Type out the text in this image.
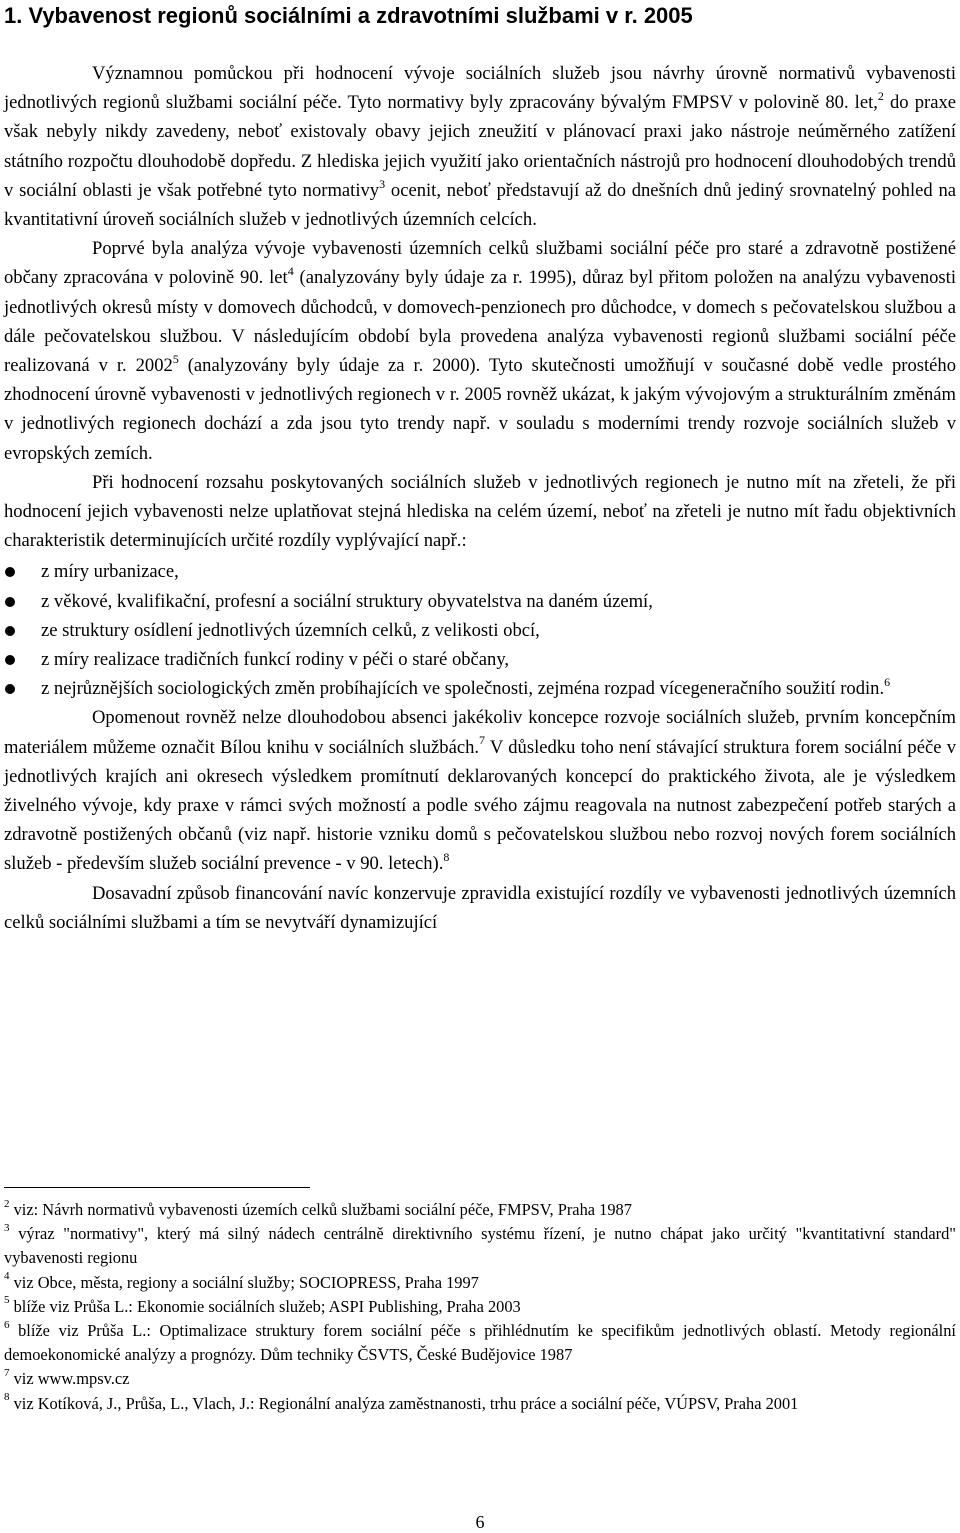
1. Vybavenost regionů sociálními a zdravotními službami v r. 2005

Významnou pomůckou při hodnocení vývoje sociálních služeb jsou návrhy úrovně normativů vybavenosti jednotlivých regionů službami sociální péče. Tyto normativy byly zpracovány bývalým FMPSV v polovině 80. let,$^2$ do praxe však nebyly nikdy zavedeny, neboť existovaly obavy jejich zneužití v plánovací praxi jako nástroje neúměrného zatížení státního rozpočtu dlouhodobě dopředu. Z hlediska jejich využití jako orientačních nástrojů pro hodnocení dlouhodobých trendů v sociální oblasti je však potřebné tyto normativy$^3$ ocenit, neboť představují až do dnešních dnů jediný srovnatelný pohled na kvantitativní úroveň sociálních služeb v jednotlivých územních celcích.

Poprvé byla analýza vývoje vybavenosti územních celků službami sociální péče pro staré a zdravotně postižené občany zpracována v polovině 90. let$^4$ (analyzovány byly údaje za r. 1995), důraz byl přitom položen na analýzu vybavenosti jednotlivých okresů místy v domovech důchodců, v domovech-penzionech pro důchodce, v domech s pečovatelskou službou a dále pečovatelskou službou. V následujícím období byla provedena analýza vybavenosti regionů službami sociální péče realizovaná v r. 2002$^5$ (analyzovány byly údaje za r. 2000). Tyto skutečnosti umožňují v současné době vedle prostého zhodnocení úrovně vybavenosti v jednotlivých regionech v r. 2005 rovněž ukázat, k jakým vývojovým a strukturálním změnám v jednotlivých regionech dochází a zda jsou tyto trendy např. v souladu s moderními trendy rozvoje sociálních služeb v evropských zemích.

Při hodnocení rozsahu poskytovaných sociálních služeb v jednotlivých regionech je nutno mít na zřeteli, že při hodnocení jejich vybavenosti nelze uplatňovat stejná hlediska na celém území, neboť na zřeteli je nutno mít řadu objektivních charakteristik determinujících určité rozdíly vyplývající např.:

z míry urbanizace,
z věkové, kvalifikační, profesní a sociální struktury obyvatelstva na daném území,
ze struktury osídlení jednotlivých územních celků, z velikosti obcí,
z míry realizace tradičních funkcí rodiny v péči o staré občany,
z nejrůznějších sociologických změn probíhajících ve společnosti, zejména rozpad vícegeneračního soužití rodin.$^6$

Opomenout rovněž nelze dlouhodobou absenci jakékoliv koncepce rozvoje sociálních služeb, prvním koncepčním materiálem můžeme označit Bílou knihu v sociálních službách.$^7$ V důsledku toho není stávající struktura forem sociální péče v jednotlivých krajích ani okresech výsledkem promítnutí deklarovaných koncepcí do praktického života, ale je výsledkem živelného vývoje, kdy praxe v rámci svých možností a podle svého zájmu reagovala na nutnost zabezpečení potřeb starých a zdravotně postižených občanů (viz např. historie vzniku domů s pečovatelskou službou nebo rozvoj nových forem sociálních služeb - především služeb sociální prevence - v 90. letech).$^8$

Dosavadní způsob financování navíc konzervuje zpravidla existující rozdíly ve vybavenosti jednotlivých územních celků sociálními službami a tím se nevytváří dynamizující

$^2$ viz: Návrh normativů vybavenosti územích celků službami sociální péče, FMPSV, Praha 1987

$^3$ výraz "normativy", který má silný nádech centrálně direktivního systému řízení, je nutno chápat jako určitý "kvantitativní standard" vybavenosti regionu

$^4$ viz Obce, města, regiony a sociální služby; SOCIOPRESS, Praha 1997

$^5$ blíže viz Průša L.: Ekonomie sociálních služeb; ASPI Publishing, Praha 2003

$^6$ blíže viz Průša L.: Optimalizace struktury forem sociální péče s přihlédnutím ke specifikům jednotlivých oblastí. Metody regionální demoekonomické analýzy a prognózy. Dům techniky ČSVTS, České Budějovice 1987

$^7$ viz www.mpsv.cz

$^8$ viz Kotíková, J., Průša, L., Vlach, J.: Regionální analýza zaměstnanosti, trhu práce a sociální péče, VÚPSV, Praha 2001

6
